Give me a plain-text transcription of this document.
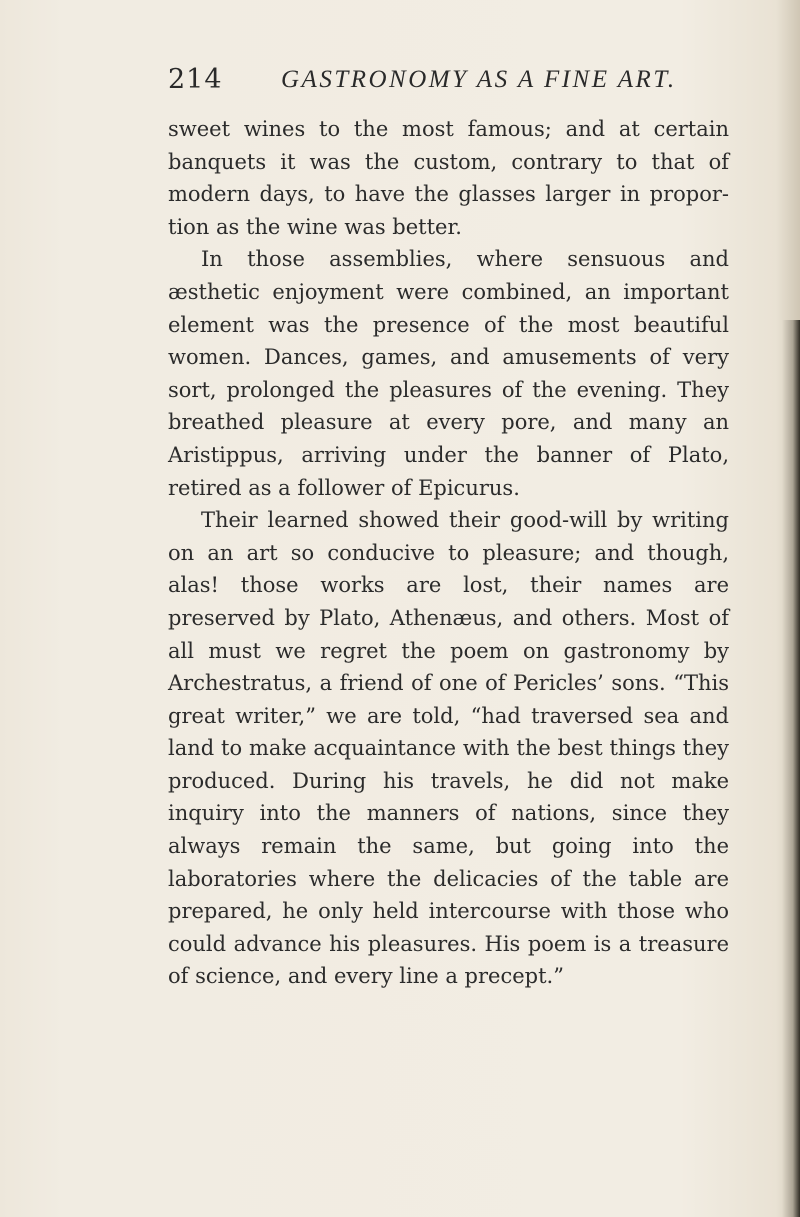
214 GASTRONOMY AS A FINE ART.

sweet wines to the most famous; and at certain banquets it was the custom, contrary to that of modern days, to have the glasses larger in proportion as the wine was better.

In those assemblies, where sensuous and æsthetic enjoyment were combined, an important element was the presence of the most beautiful women. Dances, games, and amusements of very sort, prolonged the pleasures of the evening. They breathed pleasure at every pore, and many an Aristippus, arriving under the banner of Plato, retired as a follower of Epicurus.

Their learned showed their good-will by writing on an art so conducive to pleasure; and though, alas! those works are lost, their names are preserved by Plato, Athenæus, and others. Most of all must we regret the poem on gastronomy by Archestratus, a friend of one of Pericles’ sons. “This great writer,” we are told, “had traversed sea and land to make acquaintance with the best things they produced. During his travels, he did not make inquiry into the manners of nations, since they always remain the same, but going into the laboratories where the delicacies of the table are prepared, he only held intercourse with those who could advance his pleasures. His poem is a treasure of science, and every line a precept.”
